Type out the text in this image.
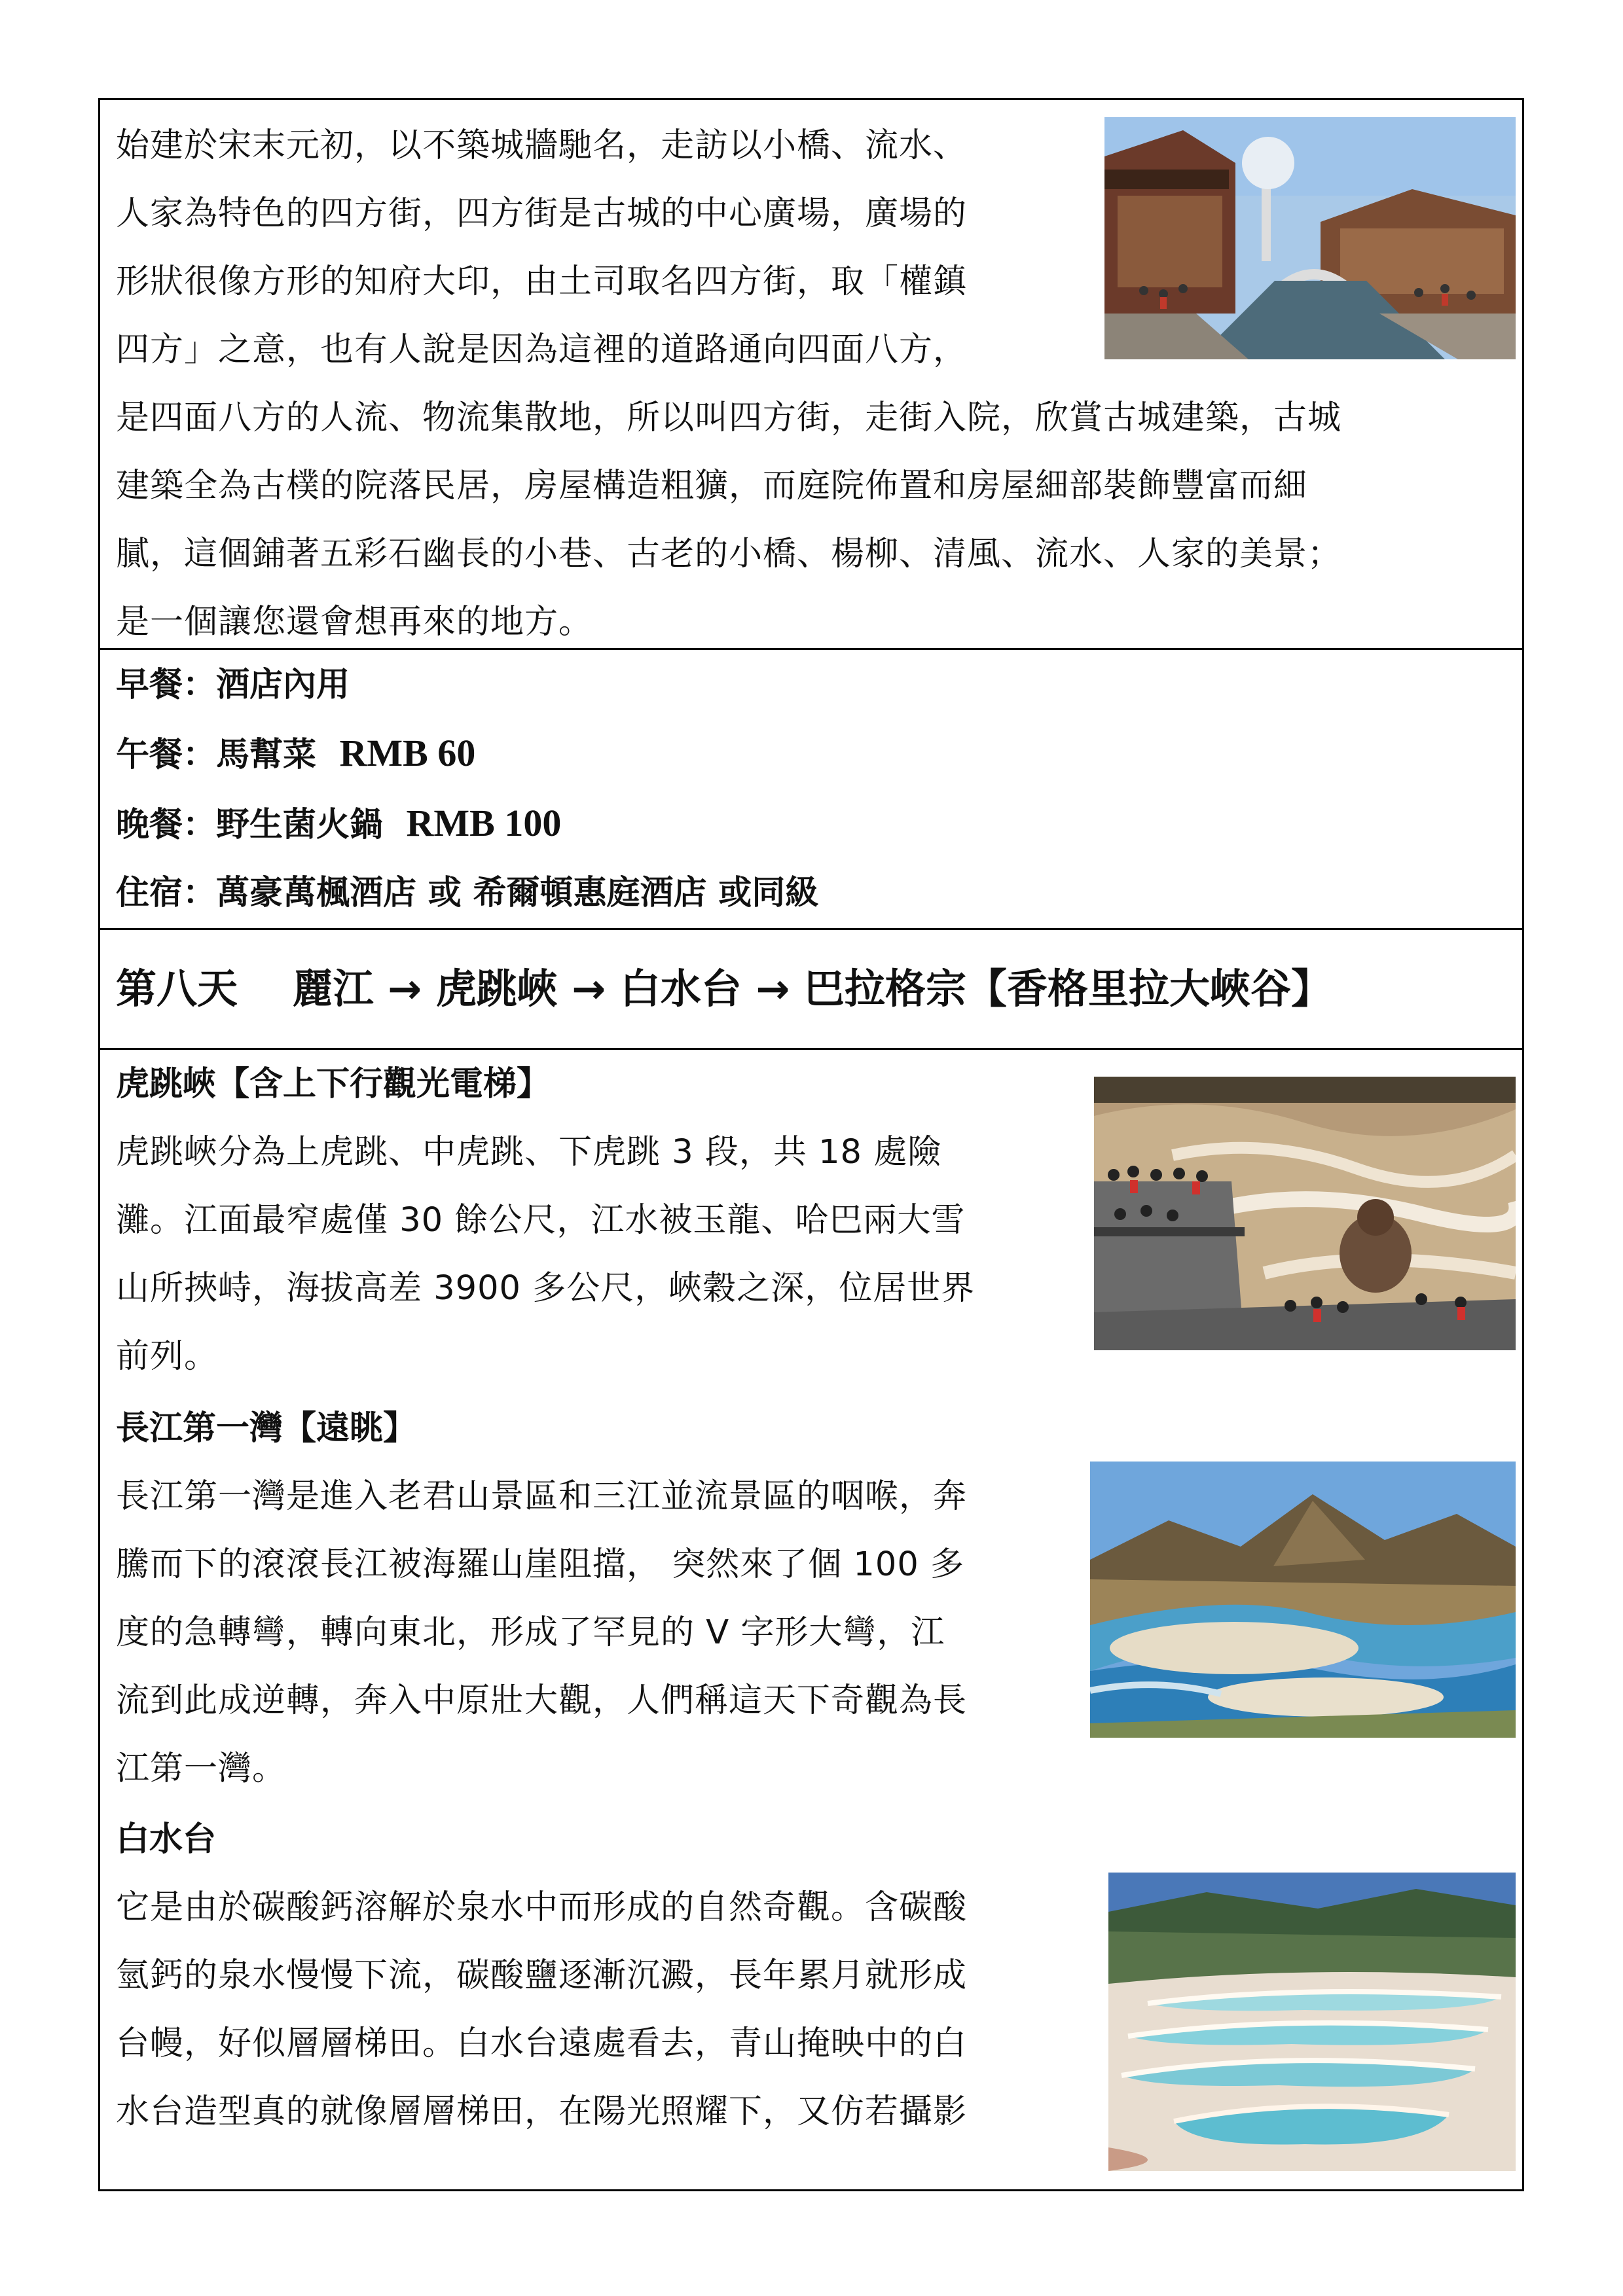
始建於宋末元初，以不築城牆馳名，走訪以小橋、流水、
人家為特色的四方街，四方街是古城的中心廣場，廣場的
形狀很像方形的知府大印，由土司取名四方街，取「權鎮
四方」之意，也有人說是因為這裡的道路通向四面八方，
是四面八方的人流、物流集散地，所以叫四方街，走街入院，欣賞古城建築，古城
建築全為古樸的院落民居，房屋構造粗獷，而庭院佈置和房屋細部裝飾豐富而細
膩，這個鋪著五彩石幽長的小巷、古老的小橋、楊柳、清風、流水、人家的美景；
是一個讓您還會想再來的地方。
早餐：酒店內用
午餐：馬幫菜 RMB 60
晚餐：野生菌火鍋 RMB 100
住宿：萬豪萬楓酒店 或 希爾頓惠庭酒店 或同級
第八天　 麗江 → 虎跳峽 → 白水台 → 巴拉格宗【香格里拉大峽谷】
虎跳峽【含上下行觀光電梯】
虎跳峽分為上虎跳、中虎跳、下虎跳 3 段，共 18 處險
灘。江面最窄處僅 30 餘公尺，江水被玉龍、哈巴兩大雪
山所挾峙，海拔高差 3900 多公尺，峽穀之深，位居世界
前列。
長江第一灣【遠眺】
長江第一灣是進入老君山景區和三江並流景區的咽喉，奔
騰而下的滾滾長江被海羅山崖阻擋， 突然來了個 100 多
度的急轉彎，轉向東北，形成了罕見的 V 字形大彎，江
流到此成逆轉，奔入中原壯大觀，人們稱這天下奇觀為長
江第一灣。
白水台
它是由於碳酸鈣溶解於泉水中而形成的自然奇觀。含碳酸
氫鈣的泉水慢慢下流，碳酸鹽逐漸沉澱，長年累月就形成
台幔，好似層層梯田。白水台遠處看去，青山掩映中的白
水台造型真的就像層層梯田，在陽光照耀下，又仿若攝影
